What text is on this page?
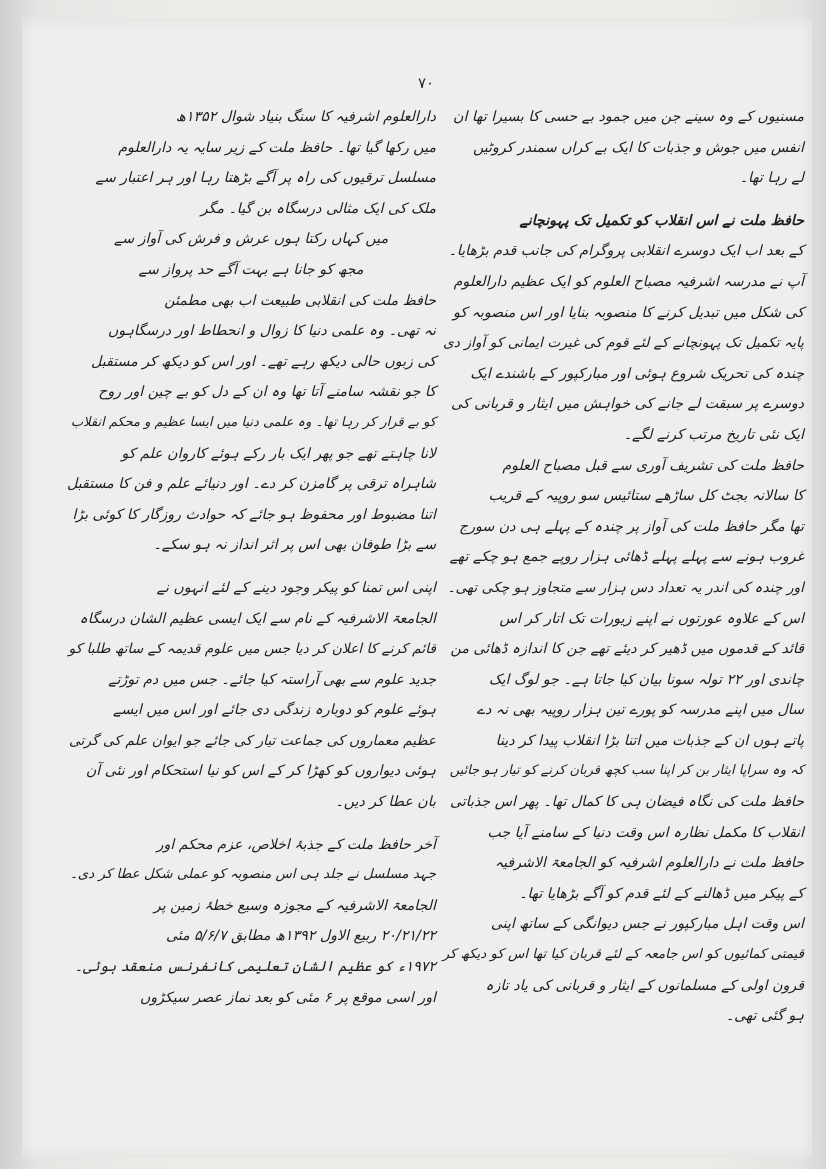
۷۰
مسنیوں کے وہ سینے جن میں جمود بے حسی کا بسیرا تھا ان
انفس میں جوش و جذبات کا ایک بے کراں سمندر کروٹیں
لے رہا تھا۔
حافظ ملت نے اس انقلاب کو تکمیل تک پہونچانے
کے بعد اب ایک دوسرے انقلابی پروگرام کی جانب قدم بڑھایا۔
آپ نے مدرسہ اشرفیہ مصباح العلوم کو ایک عظیم دارالعلوم
کی شکل میں تبدیل کرنے کا منصوبہ بنایا اور اس منصوبہ کو
پایہ تکمیل تک پہونچانے کے لئے قوم کی غیرت ایمانی کو آواز دی
چندہ کی تحریک شروع ہوئی اور مبارکپور کے باشندے ایک
دوسرے پر سبقت لے جانے کی خواہش میں ایثار و قربانی کی
ایک نئی تاریخ مرتب کرنے لگے۔
حافظ ملت کی تشریف آوری سے قبل مصباح العلوم
کا سالانہ بجٹ کل ساڑھے ستائیس سو روپیہ کے قریب
تھا مگر حافظ ملت کی آواز پر چندہ کے پہلے ہی دن سورج
غروب ہونے سے پہلے پہلے ڈھائی ہزار روپے جمع ہو چکے تھے
اور چندہ کی اندر یہ تعداد دس ہزار سے متجاوز ہو چکی تھی۔
اس کے علاوہ عورتوں نے اپنے زیورات تک اتار کر اس
قائد کے قدموں میں ڈھیر کر دیئے تھے جن کا اندازہ ڈھائی من
چاندی اور ۲۲ تولہ سونا بیان کیا جاتا ہے۔ جو لوگ ایک
سال میں اپنے مدرسہ کو پورے تین ہزار روپیہ بھی نہ دے
پاتے ہوں ان کے جذبات میں اتنا بڑا انقلاب پیدا کر دینا
کہ وہ سراپا ایثار بن کر اپنا سب کچھ قربان کرنے کو تیار ہو جائیں
حافظ ملت کی نگاہ فیضان ہی کا کمال تھا۔ پھر اس جذباتی
انقلاب کا مکمل نظارہ اس وقت دنیا کے سامنے آیا جب
حافظ ملت نے دارالعلوم اشرفیہ کو الجامعۃ الاشرفیہ
کے پیکر میں ڈھالنے کے لئے قدم کو آگے بڑھایا تھا۔
اس وقت اہل مبارکپور نے جس دیوانگی کے ساتھ اپنی
قیمتی کمائیوں کو اس جامعہ کے لئے قربان کیا تھا اس کو دیکھ کر
قرون اولی کے مسلمانوں کے ایثار و قربانی کی یاد تازہ
ہو گئی تھی۔
دارالعلوم اشرفیہ کا سنگ بنیاد شوال ۱۳۵۲ھ
میں رکھا گیا تھا۔ حافظ ملت کے زیر سایہ یہ دارالعلوم
مسلسل ترقیوں کی راہ پر آگے بڑھتا رہا اور ہر اعتبار سے
ملک کی ایک مثالی درسگاہ بن گیا۔ مگر
میں کہاں رکتا ہوں عرش و فرش کی آواز سے
مجھ کو جانا ہے بہت آگے حد پرواز سے
حافظ ملت کی انقلابی طبیعت اب بھی مطمئن
نہ تھی۔ وہ علمی دنیا کا زوال و انحطاط اور درسگاہوں
کی زبوں حالی دیکھ رہے تھے۔ اور اس کو دیکھ کر مستقبل
کا جو نقشہ سامنے آتا تھا وہ ان کے دل کو بے چین اور روح
کو بے قرار کر رہا تھا۔ وہ علمی دنیا میں ایسا عظیم و محکم انقلاب
لانا چاہتے تھے جو پھر ایک بار رکے ہوئے کاروان علم کو
شاہراہ ترقی پر گامزن کر دے۔ اور دنیائے علم و فن کا مستقبل
اتنا مضبوط اور محفوظ ہو جائے کہ حوادث روزگار کا کوئی بڑا
سے بڑا طوفان بھی اس پر اثر انداز نہ ہو سکے۔
اپنی اس تمنا کو پیکر وجود دینے کے لئے انہوں نے
الجامعۃ الاشرفیہ کے نام سے ایک ایسی عظیم الشان درسگاہ
قائم کرنے کا اعلان کر دیا جس میں علوم قدیمہ کے ساتھ طلبا کو
جدید علوم سے بھی آراستہ کیا جائے۔ جس میں دم توڑتے
ہوئے علوم کو دوبارہ زندگی دی جائے اور اس میں ایسے
عظیم معماروں کی جماعت تیار کی جائے جو ایوان علم کی گرتی
ہوئی دیواروں کو کھڑا کر کے اس کو نیا استحکام اور نئی آن
بان عطا کر دیں۔
آخر حافظ ملت کے جذبۂ اخلاص، عزم محکم اور
جہد مسلسل نے جلد ہی اس منصوبہ کو عملی شکل عطا کر دی۔
الجامعۃ الاشرفیہ کے مجوزہ وسیع خطۂ زمین پر
۲۰/۲۱/۲۲ ربیع الاول ۱۳۹۲ھ مطابق ۵/۶/۷ مئی
۱۹۷۲ء کو عظیم الشان تعلیمی کانفرنس منعقد ہوئی۔
اور اسی موقع پر ۶ مئی کو بعد نماز عصر سیکڑوں
